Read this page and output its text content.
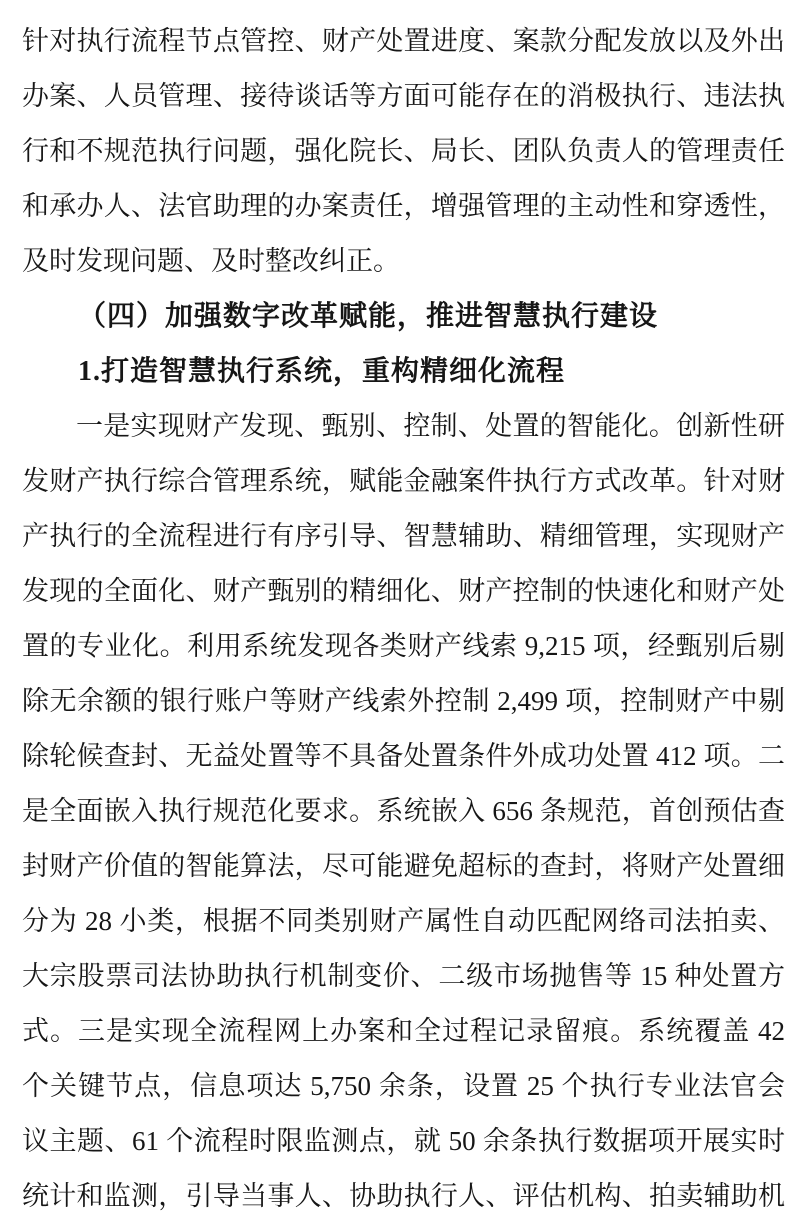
针对执行流程节点管控、财产处置进度、案款分配发放以及外出
办案、人员管理、接待谈话等方面可能存在的消极执行、违法执
行和不规范执行问题，强化院长、局长、团队负责人的管理责任
和承办人、法官助理的办案责任，增强管理的主动性和穿透性，
及时发现问题、及时整改纠正。
（四）加强数字改革赋能，推进智慧执行建设
1.打造智慧执行系统，重构精细化流程
一是实现财产发现、甄别、控制、处置的智能化。创新性研
发财产执行综合管理系统，赋能金融案件执行方式改革。针对财
产执行的全流程进行有序引导、智慧辅助、精细管理，实现财产
发现的全面化、财产甄别的精细化、财产控制的快速化和财产处
置的专业化。利用系统发现各类财产线索 9,215 项，经甄别后剔
除无余额的银行账户等财产线索外控制 2,499 项，控制财产中剔
除轮候查封、无益处置等不具备处置条件外成功处置 412 项。二
是全面嵌入执行规范化要求。系统嵌入 656 条规范，首创预估查
封财产价值的智能算法，尽可能避免超标的查封，将财产处置细
分为 28 小类，根据不同类别财产属性自动匹配网络司法拍卖、
大宗股票司法协助执行机制变价、二级市场抛售等 15 种处置方
式。三是实现全流程网上办案和全过程记录留痕。系统覆盖 42
个关键节点，信息项达 5,750 余条，设置 25 个执行专业法官会
议主题、61 个流程时限监测点，就 50 余条执行数据项开展实时
统计和监测，引导当事人、协助执行人、评估机构、拍卖辅助机
